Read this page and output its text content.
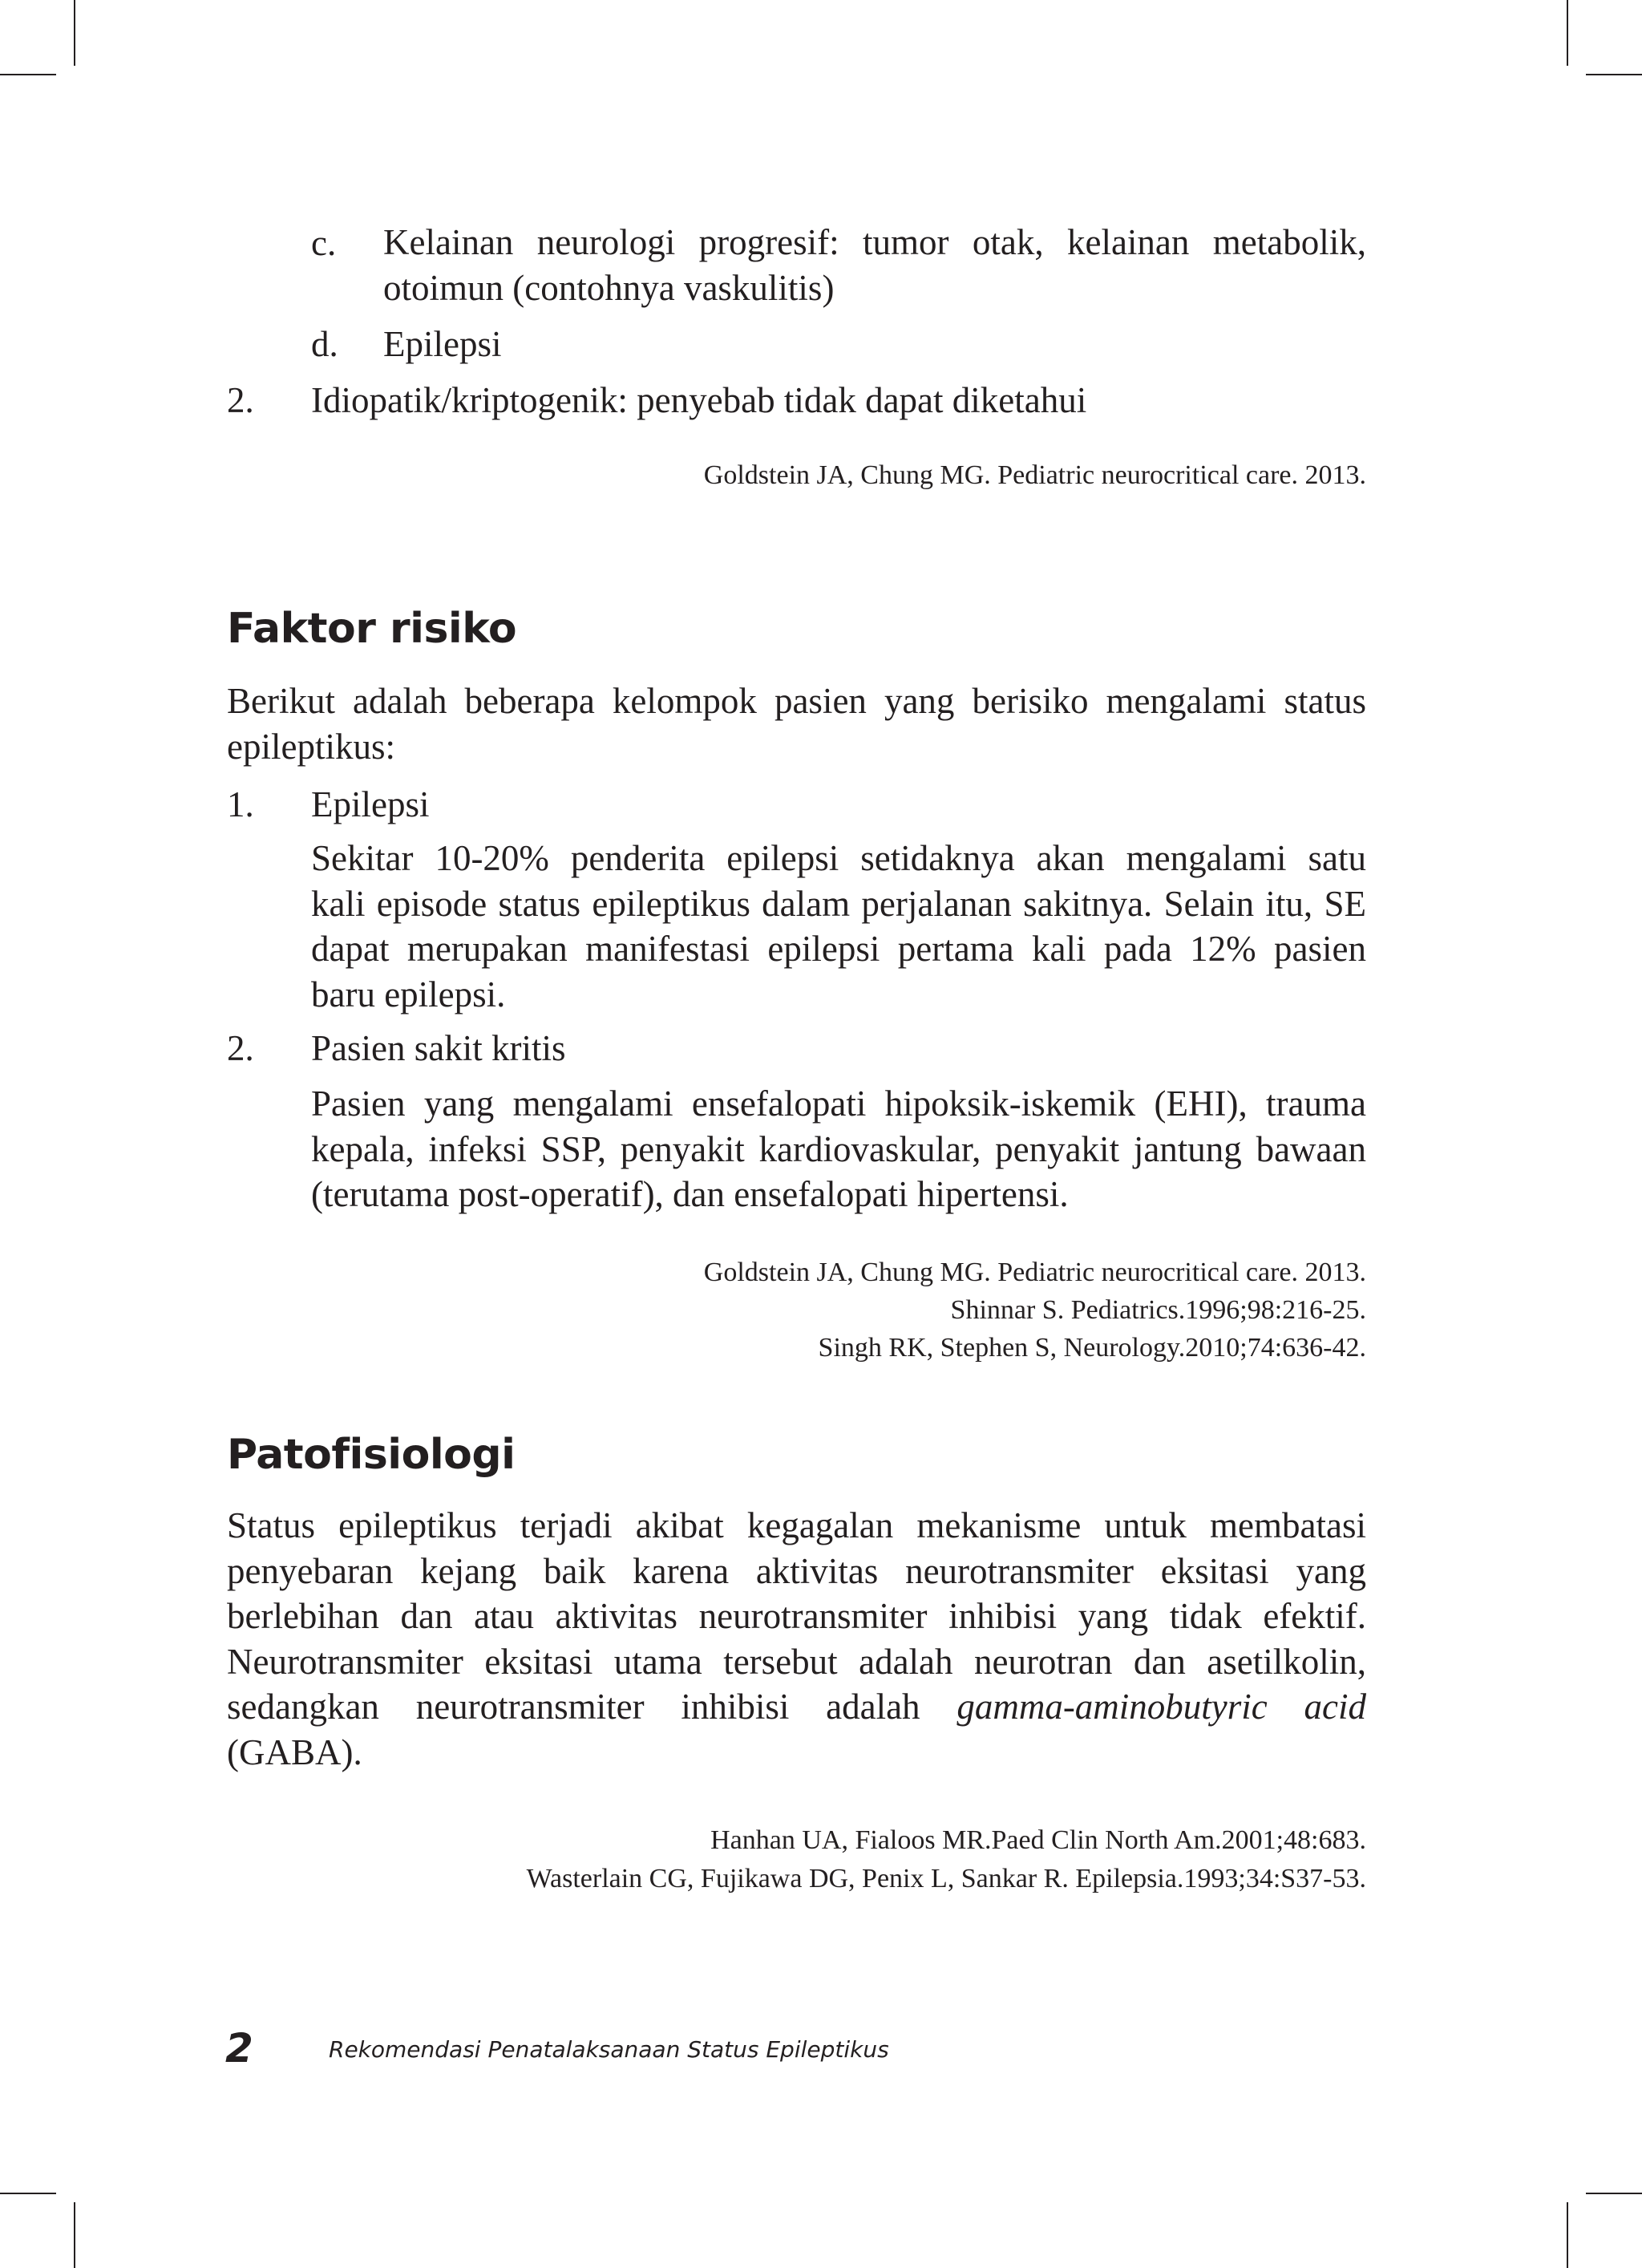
c. Kelainan neurologi progresif: tumor otak, kelainan metabolik,
otoimun (contohnya vaskulitis)
d. Epilepsi
2. Idiopatik/kriptogenik: penyebab tidak dapat diketahui
Goldstein JA, Chung MG. Pediatric neurocritical care. 2013.
Faktor risiko
Berikut adalah beberapa kelompok pasien yang berisiko mengalami status
epileptikus:
1. Epilepsi
Sekitar 10-20% penderita epilepsi setidaknya akan mengalami satu
kali episode status epileptikus dalam perjalanan sakitnya. Selain itu, SE
dapat merupakan manifestasi epilepsi pertama kali pada 12% pasien
baru epilepsi.
2. Pasien sakit kritis
Pasien yang mengalami ensefalopati hipoksik-iskemik (EHI), trauma
kepala, infeksi SSP, penyakit kardiovaskular, penyakit jantung bawaan
(terutama post-operatif), dan ensefalopati hipertensi.
Goldstein JA, Chung MG. Pediatric neurocritical care. 2013.
Shinnar S. Pediatrics.1996;98:216-25.
Singh RK, Stephen S, Neurology.2010;74:636-42.
Patofisiologi
Status epileptikus terjadi akibat kegagalan mekanisme untuk membatasi
penyebaran kejang baik karena aktivitas neurotransmiter eksitasi yang
berlebihan dan atau aktivitas neurotransmiter inhibisi yang tidak efektif.
Neurotransmiter eksitasi utama tersebut adalah neurotran dan asetilkolin,
sedangkan neurotransmiter inhibisi adalah gamma-aminobutyric acid
(GABA).
Hanhan UA, Fialoos MR.Paed Clin North Am.2001;48:683.
Wasterlain CG, Fujikawa DG, Penix L, Sankar R. Epilepsia.1993;34:S37-53.
2	Rekomendasi Penatalaksanaan Status Epileptikus
